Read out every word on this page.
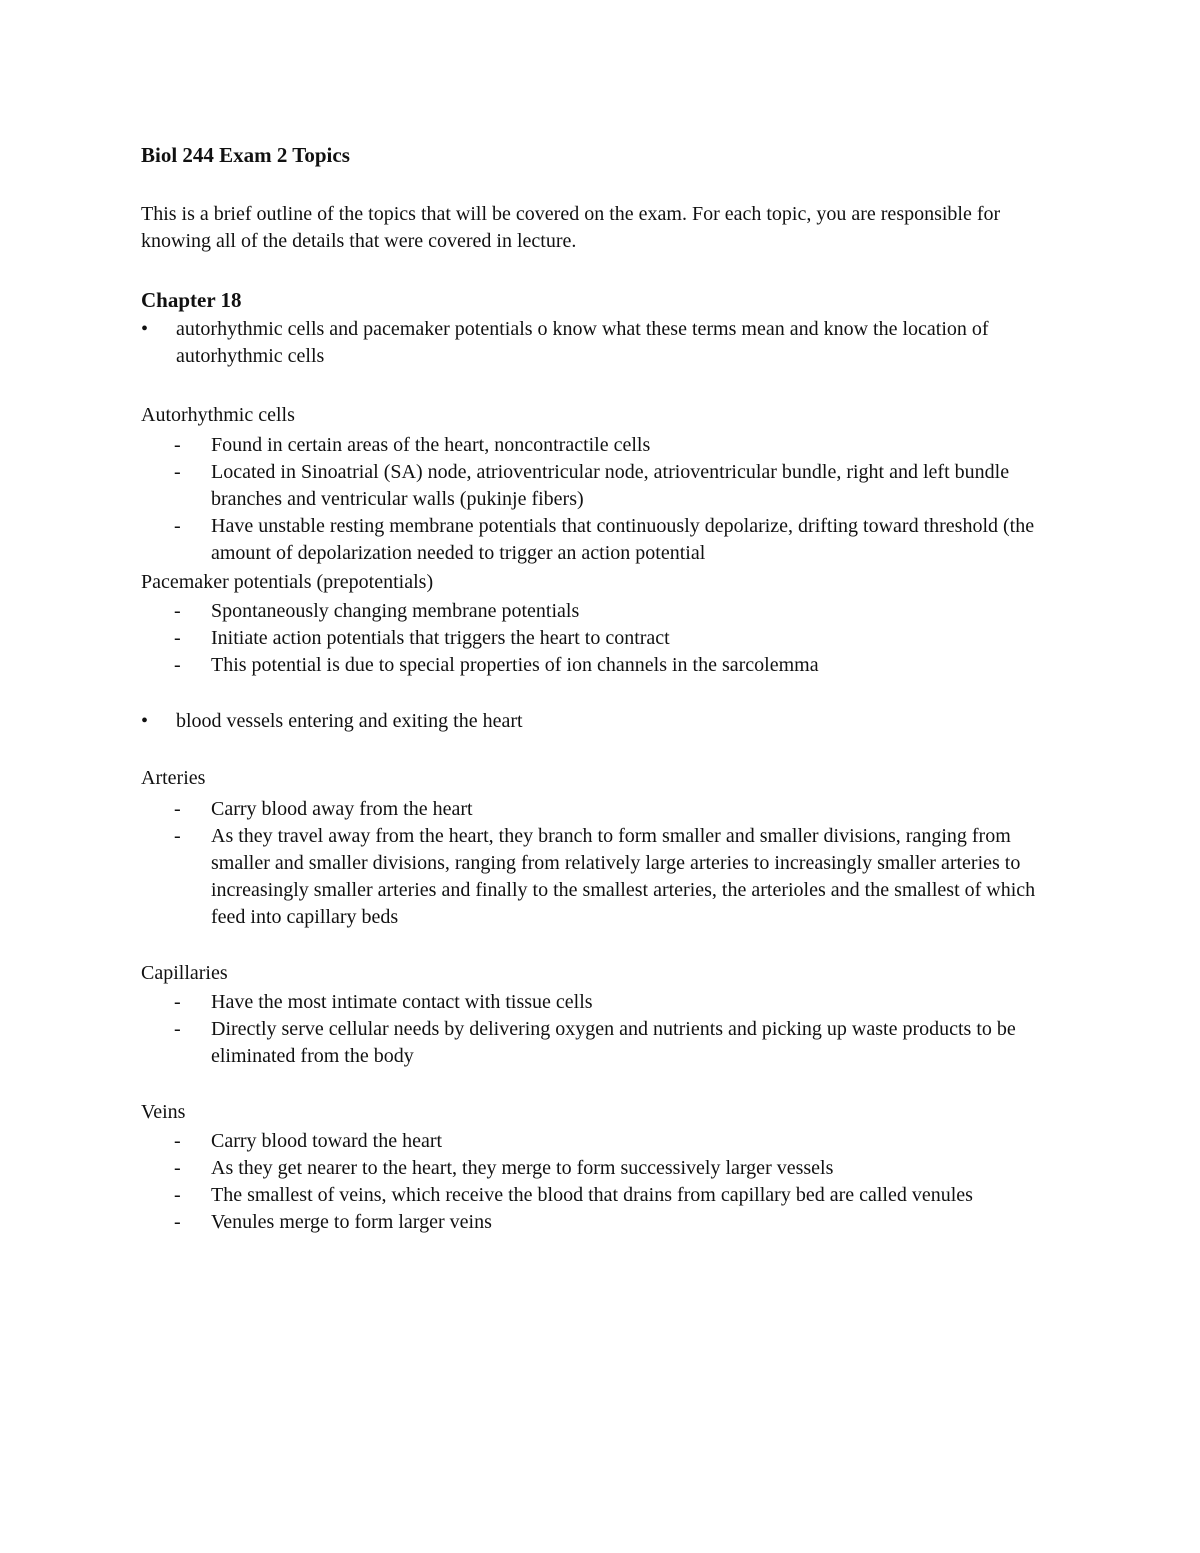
Biol 244 Exam 2 Topics

This is a brief outline of the topics that will be covered on the exam. For each topic, you are responsible for knowing all of the details that were covered in lecture.

Chapter 18
• autorhythmic cells and pacemaker potentials o know what these terms mean and know the location of autorhythmic cells

Autorhythmic cells

- Found in certain areas of the heart, noncontractile cells
- Located in Sinoatrial (SA) node, atrioventricular node, atrioventricular bundle, right and left bundle branches and ventricular walls (pukinje fibers)
- Have unstable resting membrane potentials that continuously depolarize, drifting toward threshold (the amount of depolarization needed to trigger an action potential

Pacemaker potentials (prepotentials)

- Spontaneously changing membrane potentials
- Initiate action potentials that triggers the heart to contract
- This potential is due to special properties of ion channels in the sarcolemma
• blood vessels entering and exiting the heart

Arteries

- Carry blood away from the heart
- As they travel away from the heart, they branch to form smaller and smaller divisions, ranging from smaller and smaller divisions, ranging from relatively large arteries to increasingly smaller arteries to increasingly smaller arteries and finally to the smallest arteries, the arterioles and the smallest of which feed into capillary beds

Capillaries

- Have the most intimate contact with tissue cells
- Directly serve cellular needs by delivering oxygen and nutrients and picking up waste products to be eliminated from the body

Veins

- Carry blood toward the heart
- As they get nearer to the heart, they merge to form successively larger vessels
- The smallest of veins, which receive the blood that drains from capillary bed are called venules
- Venules merge to form larger veins
